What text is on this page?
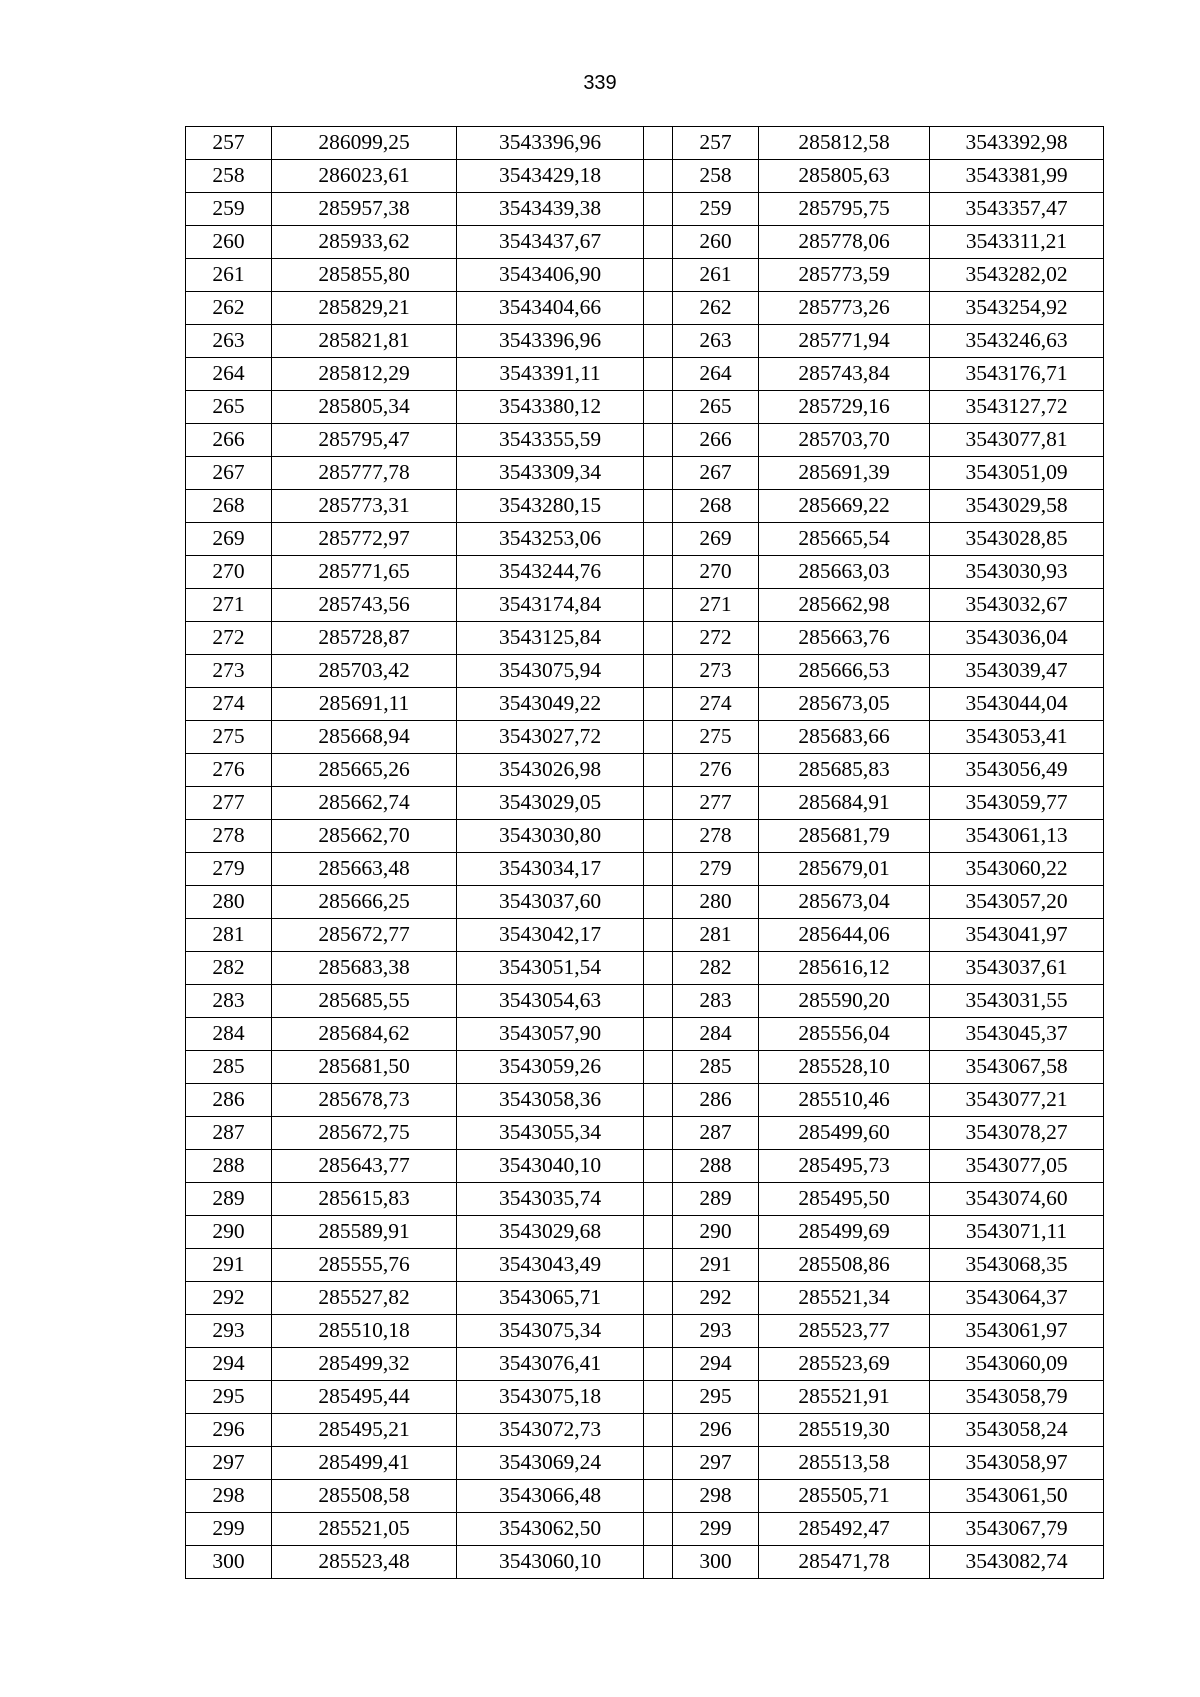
339
257	286099,25	3543396,96		257	285812,58	3543392,98
258	286023,61	3543429,18		258	285805,63	3543381,99
259	285957,38	3543439,38		259	285795,75	3543357,47
260	285933,62	3543437,67		260	285778,06	3543311,21
261	285855,80	3543406,90		261	285773,59	3543282,02
262	285829,21	3543404,66		262	285773,26	3543254,92
263	285821,81	3543396,96		263	285771,94	3543246,63
264	285812,29	3543391,11		264	285743,84	3543176,71
265	285805,34	3543380,12		265	285729,16	3543127,72
266	285795,47	3543355,59		266	285703,70	3543077,81
267	285777,78	3543309,34		267	285691,39	3543051,09
268	285773,31	3543280,15		268	285669,22	3543029,58
269	285772,97	3543253,06		269	285665,54	3543028,85
270	285771,65	3543244,76		270	285663,03	3543030,93
271	285743,56	3543174,84		271	285662,98	3543032,67
272	285728,87	3543125,84		272	285663,76	3543036,04
273	285703,42	3543075,94		273	285666,53	3543039,47
274	285691,11	3543049,22		274	285673,05	3543044,04
275	285668,94	3543027,72		275	285683,66	3543053,41
276	285665,26	3543026,98		276	285685,83	3543056,49
277	285662,74	3543029,05		277	285684,91	3543059,77
278	285662,70	3543030,80		278	285681,79	3543061,13
279	285663,48	3543034,17		279	285679,01	3543060,22
280	285666,25	3543037,60		280	285673,04	3543057,20
281	285672,77	3543042,17		281	285644,06	3543041,97
282	285683,38	3543051,54		282	285616,12	3543037,61
283	285685,55	3543054,63		283	285590,20	3543031,55
284	285684,62	3543057,90		284	285556,04	3543045,37
285	285681,50	3543059,26		285	285528,10	3543067,58
286	285678,73	3543058,36		286	285510,46	3543077,21
287	285672,75	3543055,34		287	285499,60	3543078,27
288	285643,77	3543040,10		288	285495,73	3543077,05
289	285615,83	3543035,74		289	285495,50	3543074,60
290	285589,91	3543029,68		290	285499,69	3543071,11
291	285555,76	3543043,49		291	285508,86	3543068,35
292	285527,82	3543065,71		292	285521,34	3543064,37
293	285510,18	3543075,34		293	285523,77	3543061,97
294	285499,32	3543076,41		294	285523,69	3543060,09
295	285495,44	3543075,18		295	285521,91	3543058,79
296	285495,21	3543072,73		296	285519,30	3543058,24
297	285499,41	3543069,24		297	285513,58	3543058,97
298	285508,58	3543066,48		298	285505,71	3543061,50
299	285521,05	3543062,50		299	285492,47	3543067,79
300	285523,48	3543060,10		300	285471,78	3543082,74
